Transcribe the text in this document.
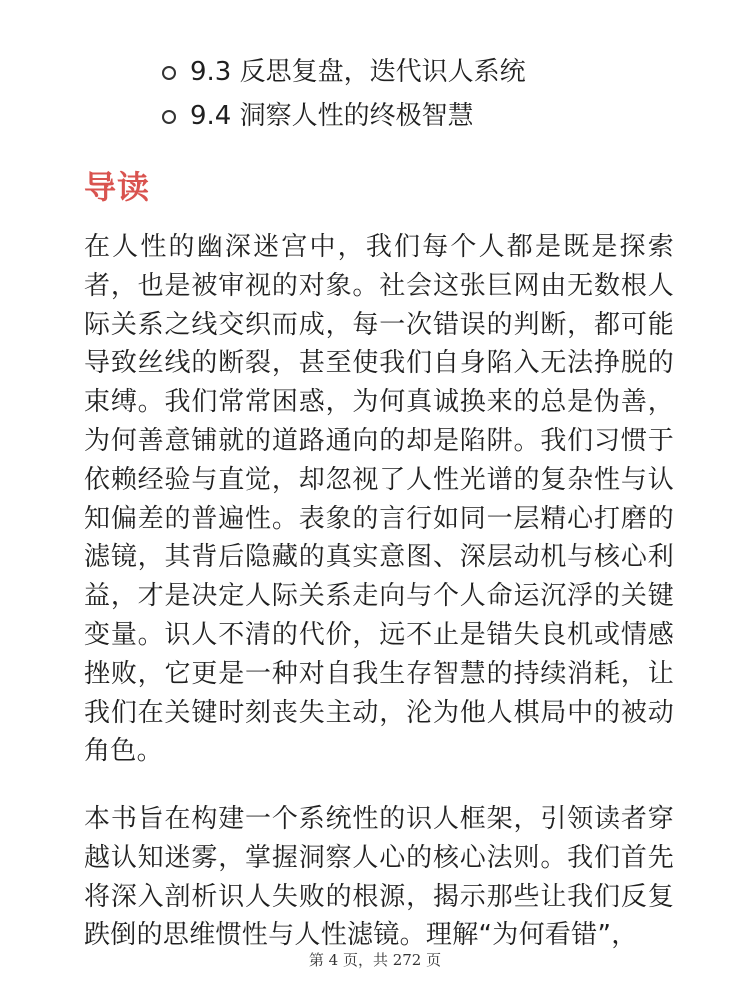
9.3 反思复盘，迭代识人系统
9.4 洞察人性的终极智慧
导读

在人性的幽深迷宫中，我们每个人都是既是探索者，也是被审视的对象。社会这张巨网由无数根人际关系之线交织而成，每一次错误的判断，都可能导致丝线的断裂，甚至使我们自身陷入无法挣脱的束缚。我们常常困惑，为何真诚换来的总是伪善，为何善意铺就的道路通向的却是陷阱。我们习惯于依赖经验与直觉，却忽视了人性光谱的复杂性与认知偏差的普遍性。表象的言行如同一层精心打磨的滤镜，其背后隐藏的真实意图、深层动机与核心利益，才是决定人际关系走向与个人命运沉浮的关键变量。识人不清的代价，远不止是错失良机或情感挫败，它更是一种对自我生存智慧的持续消耗，让我们在关键时刻丧失主动，沦为他人棋局中的被动角色。

本书旨在构建一个系统性的识人框架，引领读者穿越认知迷雾，掌握洞察人心的核心法则。我们首先将深入剖析识人失败的根源，揭示那些让我们反复跌倒的思维惯性与人性滤镜。理解“为何看错”，

第 4 页，共 272 页
